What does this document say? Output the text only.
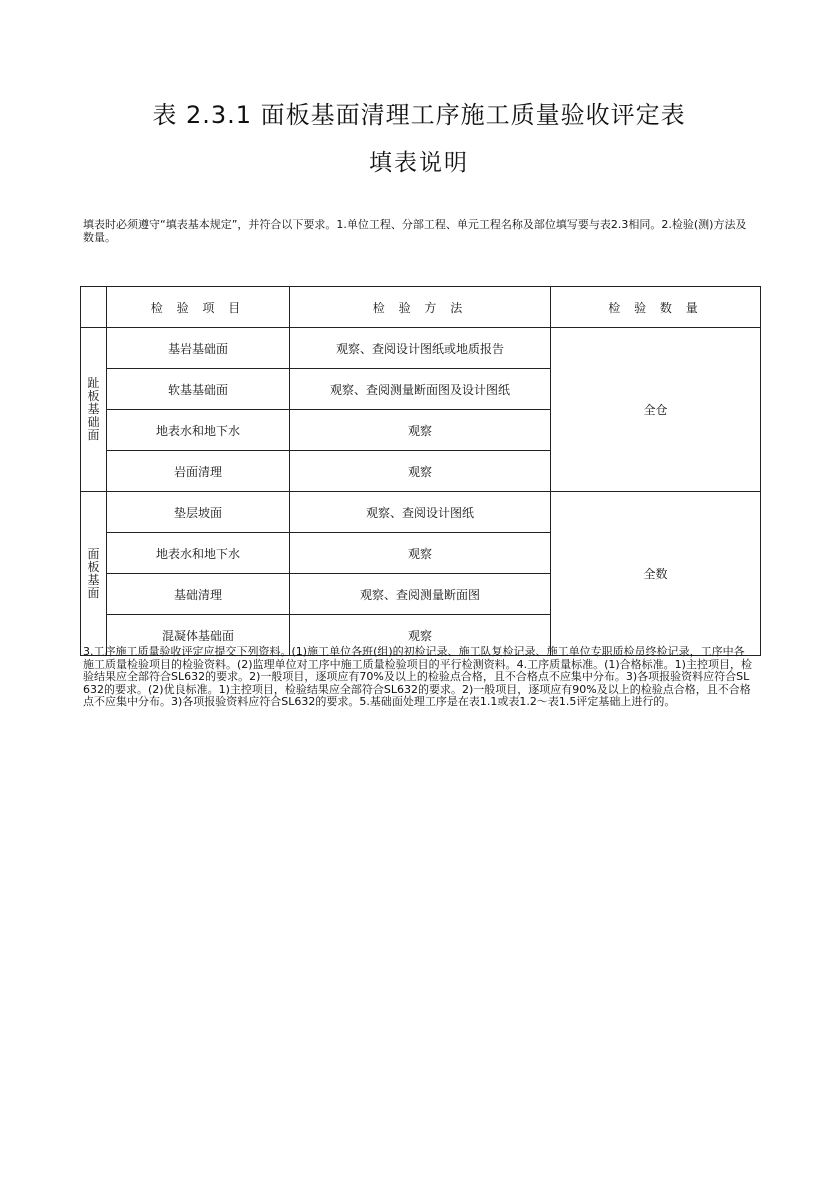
表 2.3.1 面板基面清理工序施工质量验收评定表
填表说明
填表时必须遵守“填表基本规定”，并符合以下要求。1.单位工程、分部工程、单元工程名称及部位填写要与表2.3相同。2.检验(测)方法及数量。
	检 验 项 目	检 验 方 法	检 验 数 量
趾板基础面	基岩基础面	观察、查阅设计图纸或地质报告	全仓
	软基基础面	观察、查阅测量断面图及设计图纸	
	地表水和地下水	观察	
	岩面清理	观察	
面板基面	垫层坡面	观察、查阅设计图纸	全数
	地表水和地下水	观察	
	基础清理	观察、查阅测量断面图	
	混凝体基础面	观察	
3.工序施工质量验收评定应提交下列资料。(1)施工单位各班(组)的初检记录、施工队复检记录、施工单位专职质检员终检记录，工序中各施工质量检验项目的检验资料。(2)监理单位对工序中施工质量检验项目的平行检测资料。4.工序质量标准。(1)合格标准。1)主控项目，检验结果应全部符合SL632的要求。2)一般项目，逐项应有70%及以上的检验点合格，且不合格点不应集中分布。3)各项报验资料应符合SL632的要求。(2)优良标准。1)主控项目，检验结果应全部符合SL632的要求。2)一般项目，逐项应有90%及以上的检验点合格，且不合格点不应集中分布。3)各项报验资料应符合SL632的要求。5.基础面处理工序是在表1.1或表1.2～表1.5评定基础上进行的。
